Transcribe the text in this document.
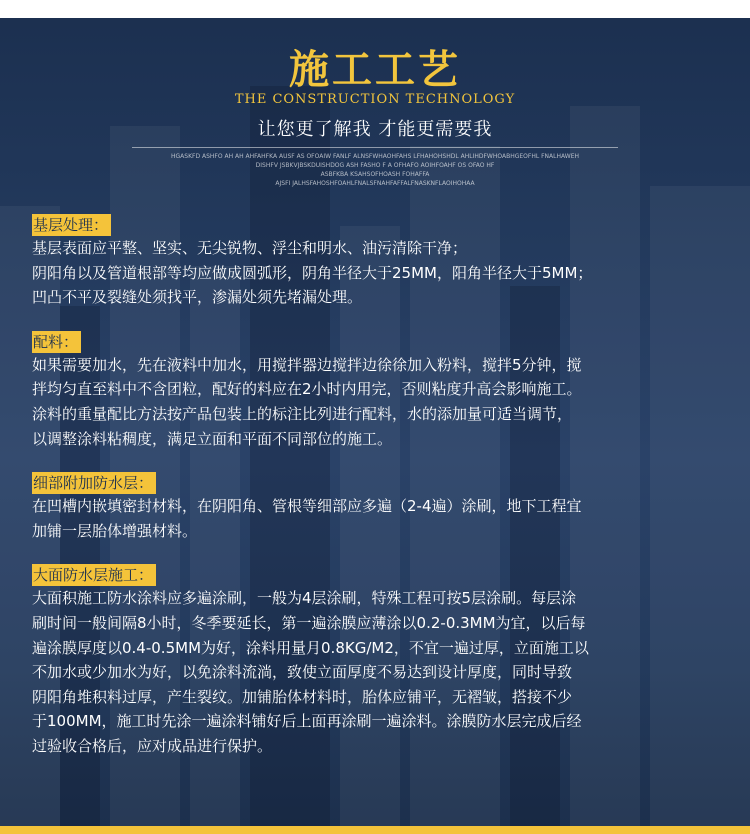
施工工艺
THE CONSTRUCTION TECHNOLOGY
让您更了解我 才能更需要我
HGASKFD ASHFO AH AH AHFAHFKA AUSF AS OFOAIW FANLF ALNSFWHAOHFAHS LFHAHOHSHDL AHLIHDFWHOABHGEOFHL FNALHAWEH
DISHFV JSBKVJBSKDUISHDOG ASH FASHO F A OFHAFO AOIHFOAHF OS OFAO HF
ASBFKBA KSAHSOFHOASH FOHAFFA
AJSFI JALHSFAHOSHFOAHLFNALSFNAHFAFFALFNASKNFLAOIHOHAA
基层处理：
基层表面应平整、坚实、无尖锐物、浮尘和明水、油污清除干净；
阴阳角以及管道根部等均应做成圆弧形，阴角半径大于25MM，阳角半径大于5MM；
凹凸不平及裂缝处须找平，渗漏处须先堵漏处理。
配料：
如果需要加水，先在液料中加水，用搅拌器边搅拌边徐徐加入粉料，搅拌5分钟，搅
拌均匀直至料中不含团粒，配好的料应在2小时内用完，否则粘度升高会影响施工。
涂料的重量配比方法按产品包装上的标注比列进行配料，水的添加量可适当调节，
以调整涂料粘稠度，满足立面和平面不同部位的施工。
细部附加防水层：
在凹槽内嵌填密封材料，在阴阳角、管根等细部应多遍（2-4遍）涂刷，地下工程宜
加铺一层胎体增强材料。
大面防水层施工：
大面积施工防水涂料应多遍涂刷，一般为4层涂刷，特殊工程可按5层涂刷。每层涂
刷时间一般间隔8小时，冬季要延长，第一遍涂膜应薄涂以0.2-0.3MM为宜，以后每
遍涂膜厚度以0.4-0.5MM为好，涂料用量月0.8KG/M2，不宜一遍过厚，立面施工以
不加水或少加水为好，以免涂料流淌，致使立面厚度不易达到设计厚度，同时导致
阴阳角堆积料过厚，产生裂纹。加铺胎体材料时，胎体应铺平，无褶皱，搭接不少
于100MM，施工时先涂一遍涂料铺好后上面再涂刷一遍涂料。涂膜防水层完成后经
过验收合格后，应对成品进行保护。
